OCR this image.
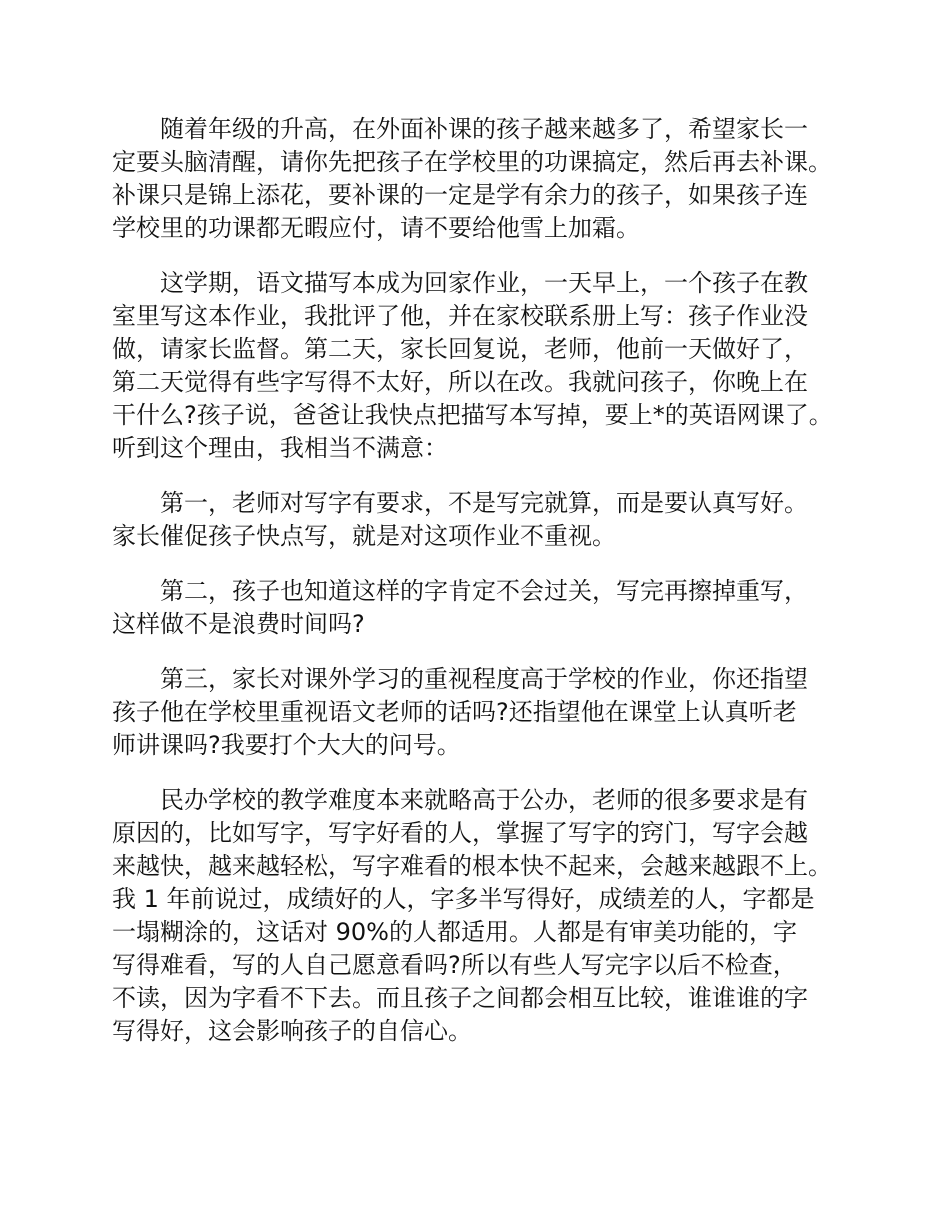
随着年级的升高，在外面补课的孩子越来越多了，希望家长一
定要头脑清醒，请你先把孩子在学校里的功课搞定，然后再去补课。
补课只是锦上添花，要补课的一定是学有余力的孩子，如果孩子连
学校里的功课都无暇应付，请不要给他雪上加霜。

这学期，语文描写本成为回家作业，一天早上，一个孩子在教
室里写这本作业，我批评了他，并在家校联系册上写：孩子作业没
做，请家长监督。第二天，家长回复说，老师，他前一天做好了，
第二天觉得有些字写得不太好，所以在改。我就问孩子，你晚上在
干什么?孩子说，爸爸让我快点把描写本写掉，要上*的英语网课了。
听到这个理由，我相当不满意：

第一，老师对写字有要求，不是写完就算，而是要认真写好。
家长催促孩子快点写，就是对这项作业不重视。

第二，孩子也知道这样的字肯定不会过关，写完再擦掉重写，
这样做不是浪费时间吗?

第三，家长对课外学习的重视程度高于学校的作业，你还指望
孩子他在学校里重视语文老师的话吗?还指望他在课堂上认真听老
师讲课吗?我要打个大大的问号。

民办学校的教学难度本来就略高于公办，老师的很多要求是有
原因的，比如写字，写字好看的人，掌握了写字的窍门，写字会越
来越快，越来越轻松，写字难看的根本快不起来，会越来越跟不上。
我 1 年前说过，成绩好的人，字多半写得好，成绩差的人，字都是
一塌糊涂的，这话对 90%的人都适用。人都是有审美功能的，字
写得难看，写的人自己愿意看吗?所以有些人写完字以后不检查，
不读，因为字看不下去。而且孩子之间都会相互比较，谁谁谁的字
写得好，这会影响孩子的自信心。
